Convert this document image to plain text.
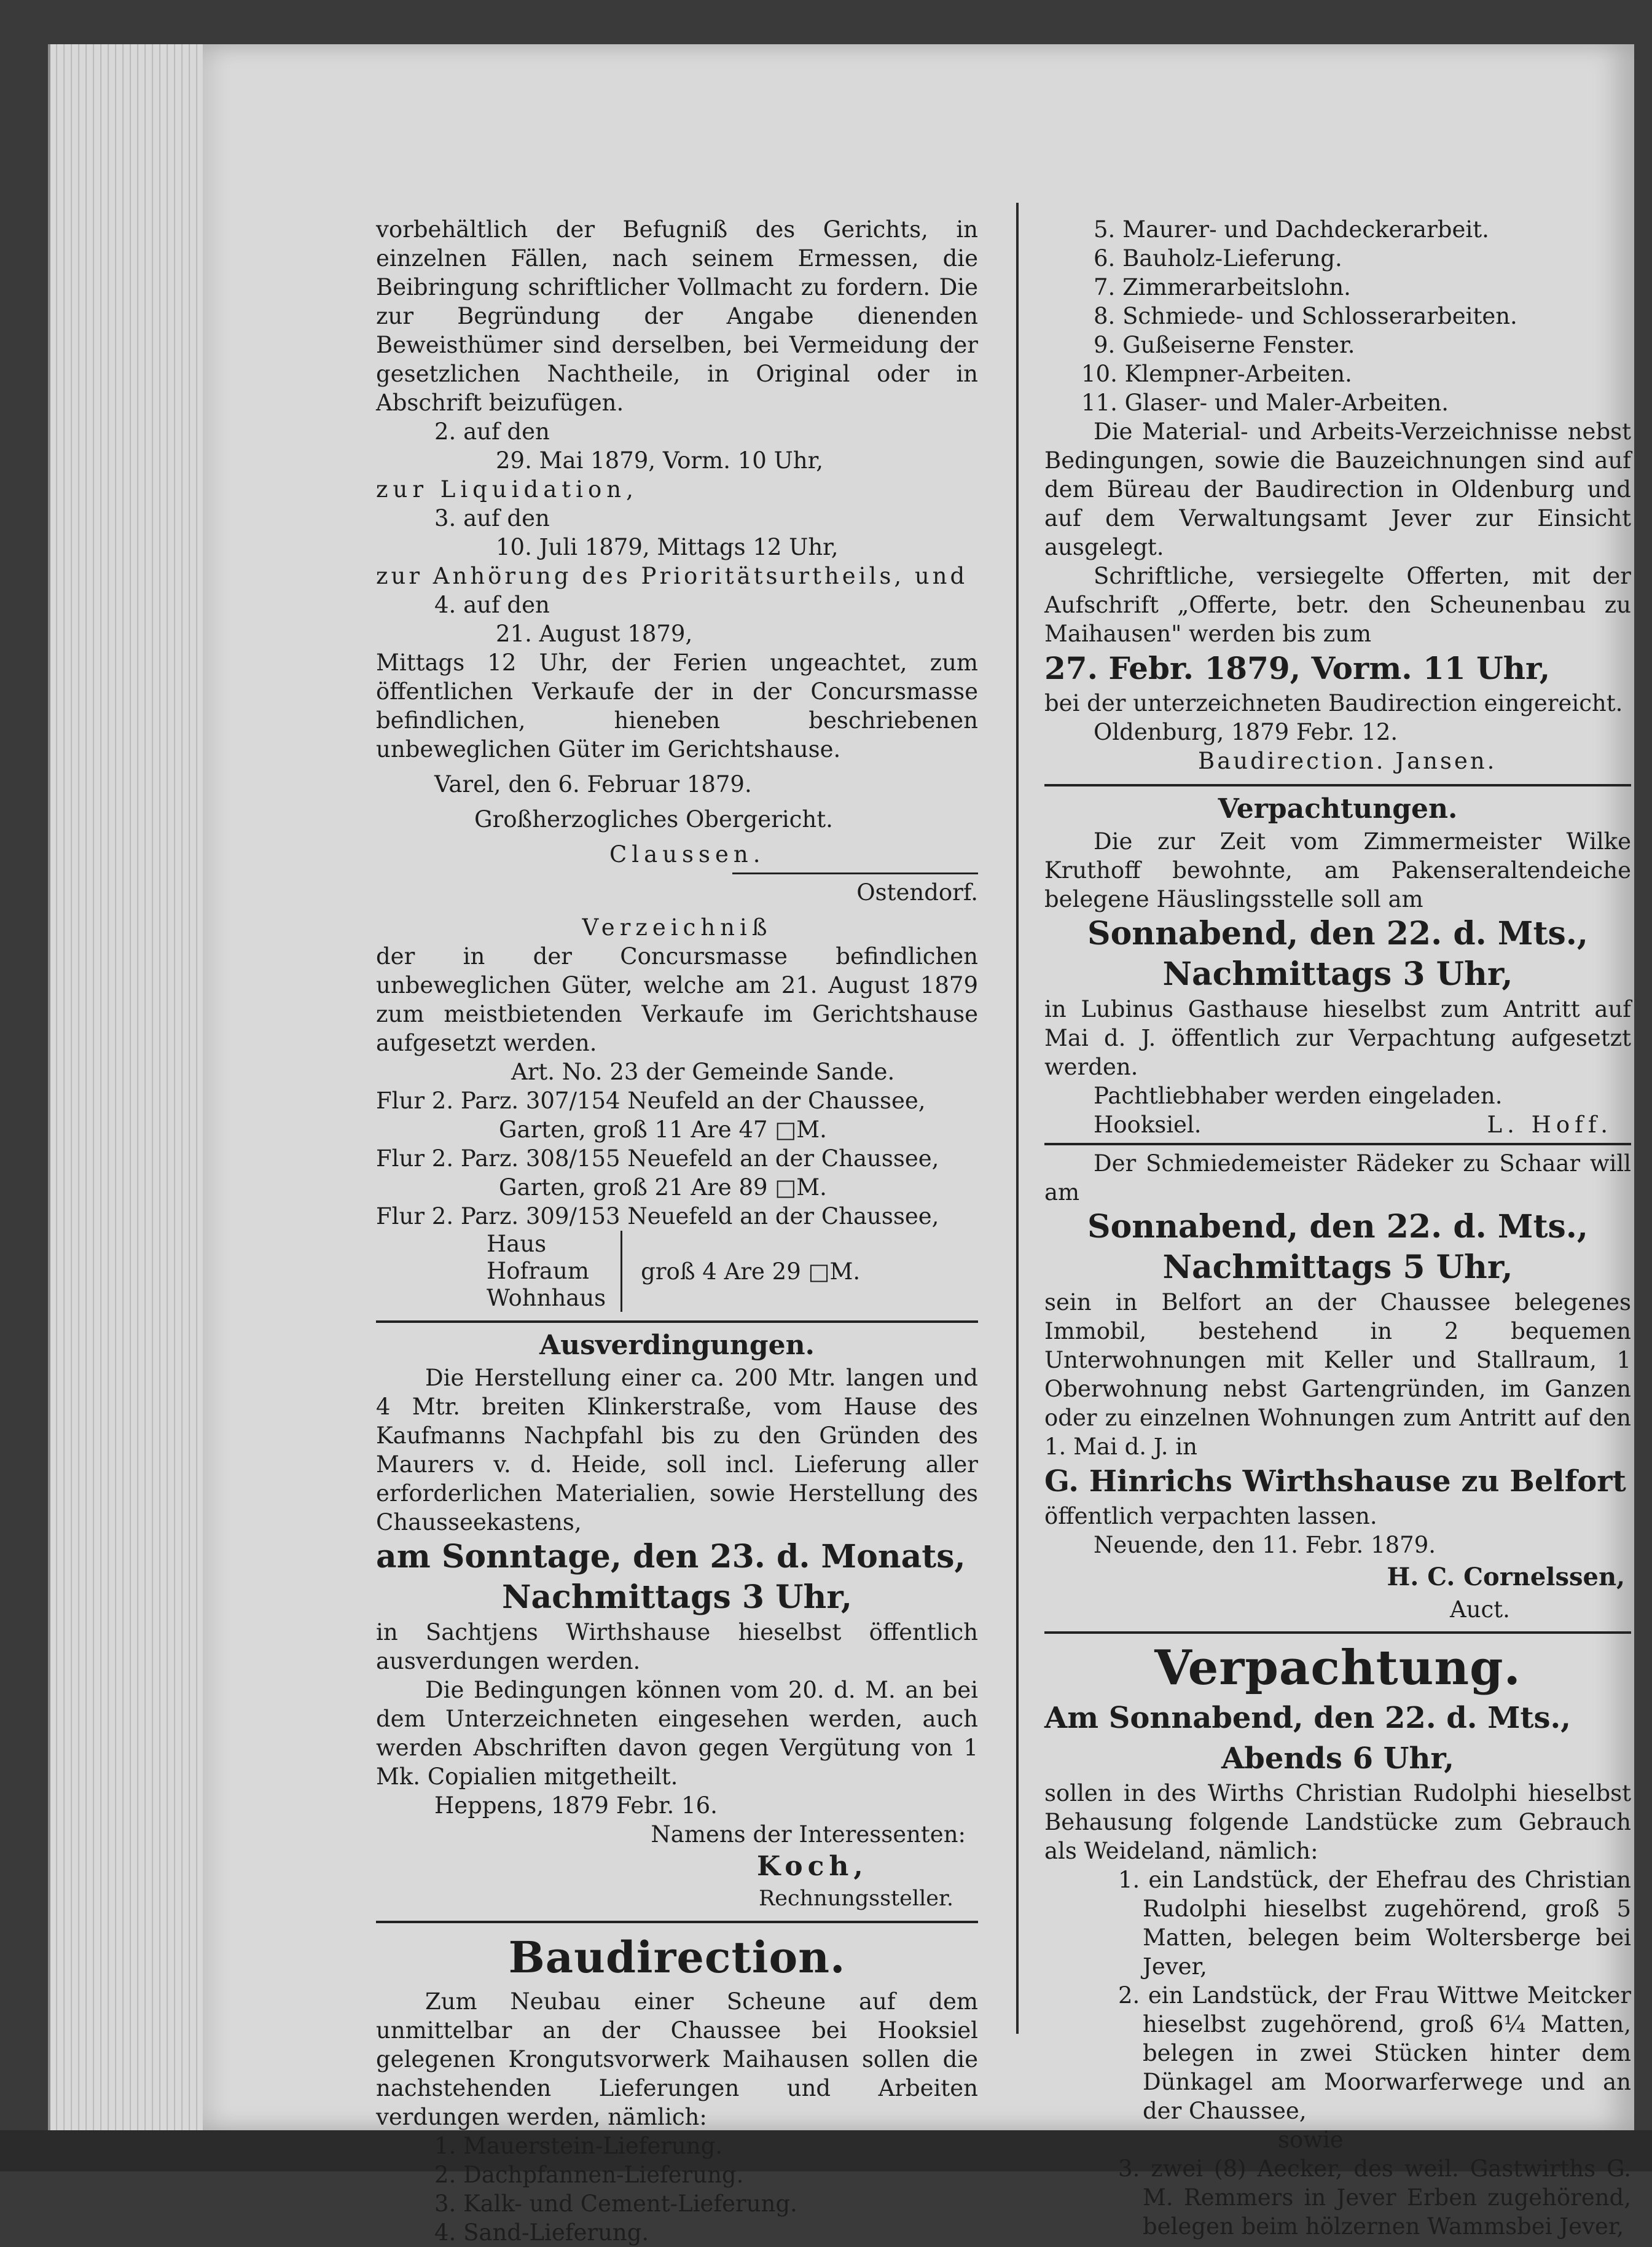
vorbehältlich der Befugniß des Gerichts, in einzelnen Fällen, nach seinem Ermessen, die Beibringung schriftlicher Vollmacht zu fordern. Die zur Begründung der Angabe dienenden Beweisthümer sind derselben, bei Vermeidung der gesetzlichen Nachtheile, in Original oder in Abschrift beizufügen.

2. auf den

29. Mai 1879, Vorm. 10 Uhr,

zur Liquidation,

3. auf den

10. Juli 1879, Mittags 12 Uhr,

zur Anhörung des Prioritätsurtheils, und

4. auf den

21. August 1879,

Mittags 12 Uhr, der Ferien ungeachtet, zum öffentlichen Verkaufe der in der Concursmasse befindlichen, hieneben beschriebenen unbeweglichen Güter im Gerichtshause.

Varel, den 6. Februar 1879.

Großherzogliches Obergericht.

Claussen.

Ostendorf.

Verzeichniß

der in der Concursmasse befindlichen unbeweglichen Güter, welche am 21. August 1879 zum meistbietenden Verkaufe im Gerichtshause aufgesetzt werden.

Art. No. 23 der Gemeinde Sande.

Flur 2. Parz. 307/154 Neufeld an der Chaussee,

Garten, groß 11 Are 47 □M.

Flur 2. Parz. 308/155 Neuefeld an der Chaussee,

Garten, groß 21 Are 89 □M.

Flur 2. Parz. 309/153 Neuefeld an der Chaussee,

Haus

Hofraum

Wohnhaus

groß 4 Are 29 □M.

Ausverdingungen.

Die Herstellung einer ca. 200 Mtr. langen und 4 Mtr. breiten Klinkerstraße, vom Hause des Kaufmanns Nachpfahl bis zu den Gründen des Maurers v. d. Heide, soll incl. Lieferung aller erforderlichen Materialien, sowie Herstellung des Chausseekastens,

am Sonntage, den 23. d. Monats,

Nachmittags 3 Uhr,

in Sachtjens Wirthshause hieselbst öffentlich ausverdungen werden.

Die Bedingungen können vom 20. d. M. an bei dem Unterzeichneten eingesehen werden, auch werden Abschriften davon gegen Vergütung von 1 Mk. Copialien mitgetheilt.

Heppens, 1879 Febr. 16.

Namens der Interessenten:

Koch,

Rechnungssteller.

Baudirection.

Zum Neubau einer Scheune auf dem unmittelbar an der Chaussee bei Hooksiel gelegenen Krongutsvorwerk Maihausen sollen die nachstehenden Lieferungen und Arbeiten verdungen werden, nämlich:

1. Mauerstein-Lieferung.

2. Dachpfannen-Lieferung.

3. Kalk- und Cement-Lieferung.

4. Sand-Lieferung.

5. Maurer- und Dachdeckerarbeit.

6. Bauholz-Lieferung.

7. Zimmerarbeitslohn.

8. Schmiede- und Schlosserarbeiten.

9. Gußeiserne Fenster.

10. Klempner-Arbeiten.

11. Glaser- und Maler-Arbeiten.

Die Material- und Arbeits-Verzeichnisse nebst Bedingungen, sowie die Bauzeichnungen sind auf dem Büreau der Baudirection in Oldenburg und auf dem Verwaltungsamt Jever zur Einsicht ausgelegt.

Schriftliche, versiegelte Offerten, mit der Aufschrift „Offerte, betr. den Scheunenbau zu Maihausen" werden bis zum

27. Febr. 1879, Vorm. 11 Uhr,

bei der unterzeichneten Baudirection eingereicht.

Oldenburg, 1879 Febr. 12.

Baudirection. Jansen.

Verpachtungen.

Die zur Zeit vom Zimmermeister Wilke Kruthoff bewohnte, am Pakenseraltendeiche belegene Häuslingsstelle soll am

Sonnabend, den 22. d. Mts.,

Nachmittags 3 Uhr,

in Lubinus Gasthause hieselbst zum Antritt auf Mai d. J. öffentlich zur Verpachtung aufgesetzt werden.

Pachtliebhaber werden eingeladen.

Hooksiel.	L. Hoff.

Der Schmiedemeister Rädeker zu Schaar will am

Sonnabend, den 22. d. Mts.,

Nachmittags 5 Uhr,

sein in Belfort an der Chaussee belegenes Immobil, bestehend in 2 bequemen Unterwohnungen mit Keller und Stallraum, 1 Oberwohnung nebst Gartengründen, im Ganzen oder zu einzelnen Wohnungen zum Antritt auf den 1. Mai d. J. in

G. Hinrichs Wirthshause zu Belfort

öffentlich verpachten lassen.

Neuende, den 11. Febr. 1879.

H. C. Cornelssen,

Auct.

Verpachtung.

Am Sonnabend, den 22. d. Mts.,

Abends 6 Uhr,

sollen in des Wirths Christian Rudolphi hieselbst Behausung folgende Landstücke zum Gebrauch als Weideland, nämlich:

1. ein Landstück, der Ehefrau des Christian Rudolphi hieselbst zugehörend, groß 5 Matten, belegen beim Woltersberge bei Jever,

2. ein Landstück, der Frau Wittwe Meitcker hieselbst zugehörend, groß 6¼ Matten, belegen in zwei Stücken hinter dem Dünkagel am Moorwarferwege und an der Chaussee,

sowie

3. zwei (8) Aecker, des weil. Gastwirths G. M. Remmers in Jever Erben zugehörend, belegen beim hölzernen Wammsbei Jever,
